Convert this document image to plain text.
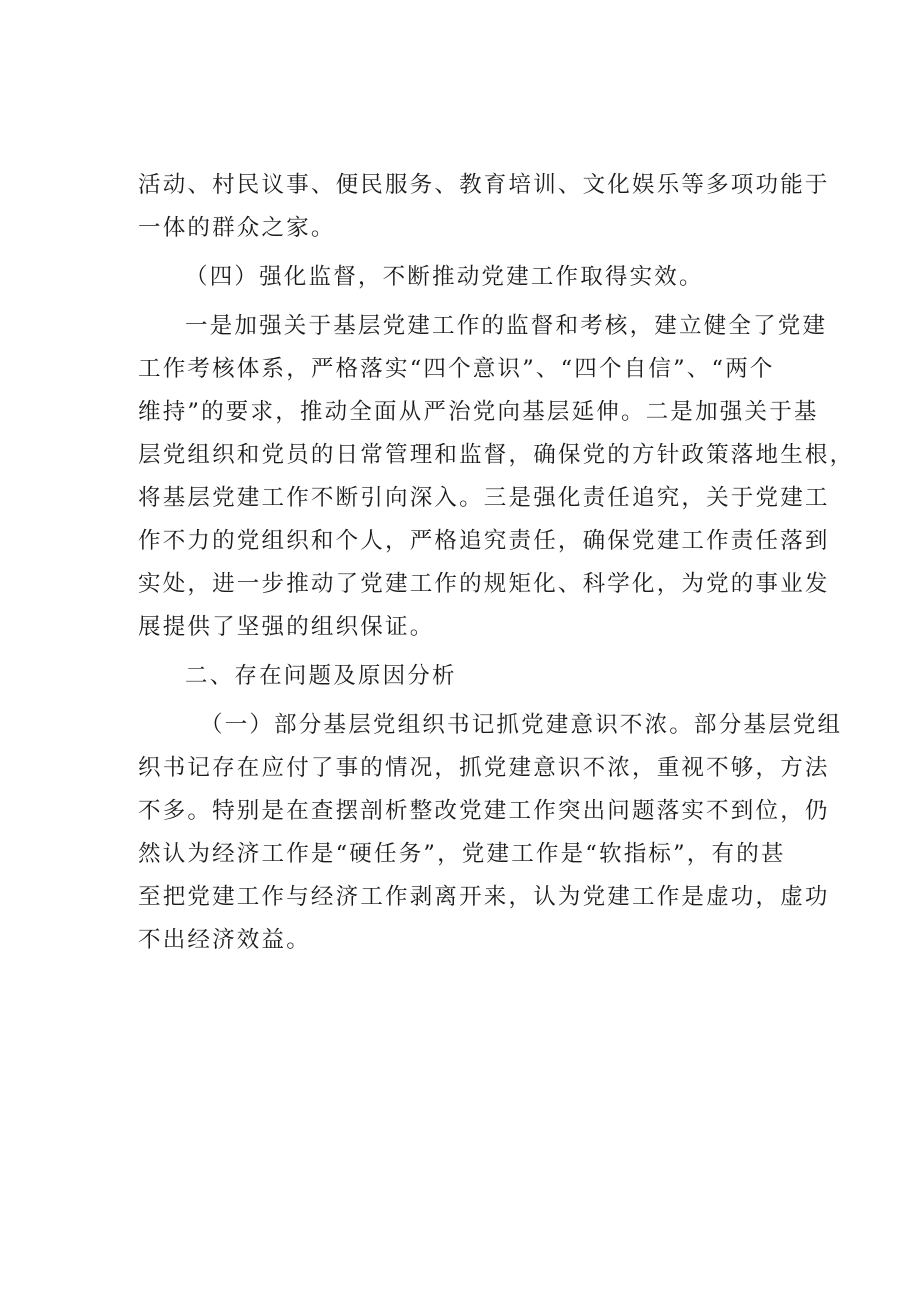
活动、村民议事、便民服务、教育培训、文化娱乐等多项功能于
一体的群众之家。
（四）强化监督，不断推动党建工作取得实效。
一是加强关于基层党建工作的监督和考核，建立健全了党建
工作考核体系，严格落实“四个意识”、“四个自信”、“两个
维持”的要求，推动全面从严治党向基层延伸。二是加强关于基
层党组织和党员的日常管理和监督，确保党的方针政策落地生根，
将基层党建工作不断引向深入。三是强化责任追究，关于党建工
作不力的党组织和个人，严格追究责任，确保党建工作责任落到
实处，进一步推动了党建工作的规矩化、科学化，为党的事业发
展提供了坚强的组织保证。
二、存在问题及原因分析
（一）部分基层党组织书记抓党建意识不浓。部分基层党组
织书记存在应付了事的情况，抓党建意识不浓，重视不够，方法
不多。特别是在查摆剖析整改党建工作突出问题落实不到位，仍
然认为经济工作是“硬任务”，党建工作是“软指标”，有的甚
至把党建工作与经济工作剥离开来，认为党建工作是虚功，虚功
不出经济效益。
